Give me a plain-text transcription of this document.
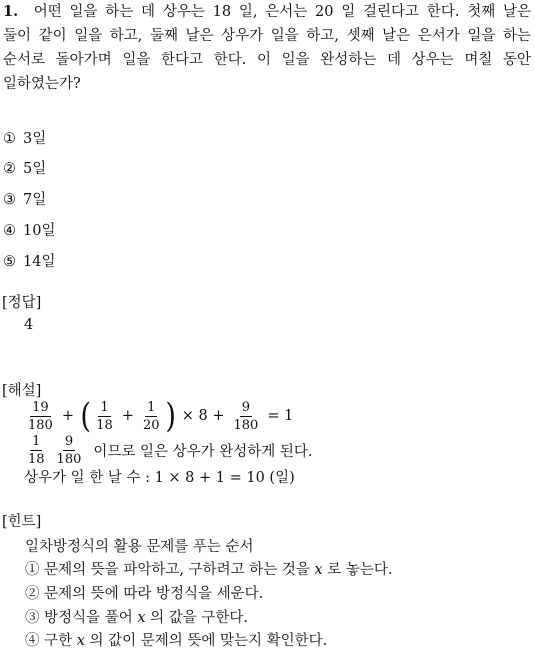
1. 어떤 일을 하는 데 상우는 18 일, 은서는 20 일 걸린다고 한다. 첫째 날은
둘이 같이 일을 하고, 둘째 날은 상우가 일을 하고, 셋째 날은 은서가 일을 하는
순서로 돌아가며 일을 한다고 한다. 이 일을 완성하는 데 상우는 며칠 동안
일하였는가?
① 3일
② 5일
③ 7일
④ 10일
⑤ 14일
[정답]
4
[해설]
$\frac{19}{180}$ + ( $\frac{1}{18} + \frac{1}{20}$ ) × $8 + \frac{9}{180} = 1$
$\frac{1}{18} \frac{9}{180}$ 이므로 일은 상우가 완성하게 된다.
상우가 일 한 날 수 : 1 × 8 + 1 = 10 (일)
[힌트]
일차방정식의 활용 문제를 푸는 순서
① 문제의 뜻을 파악하고, 구하려고 하는 것을 x 로 놓는다.
② 문제의 뜻에 따라 방정식을 세운다.
③ 방정식을 풀어 x 의 값을 구한다.
④ 구한 x 의 값이 문제의 뜻에 맞는지 확인한다.
